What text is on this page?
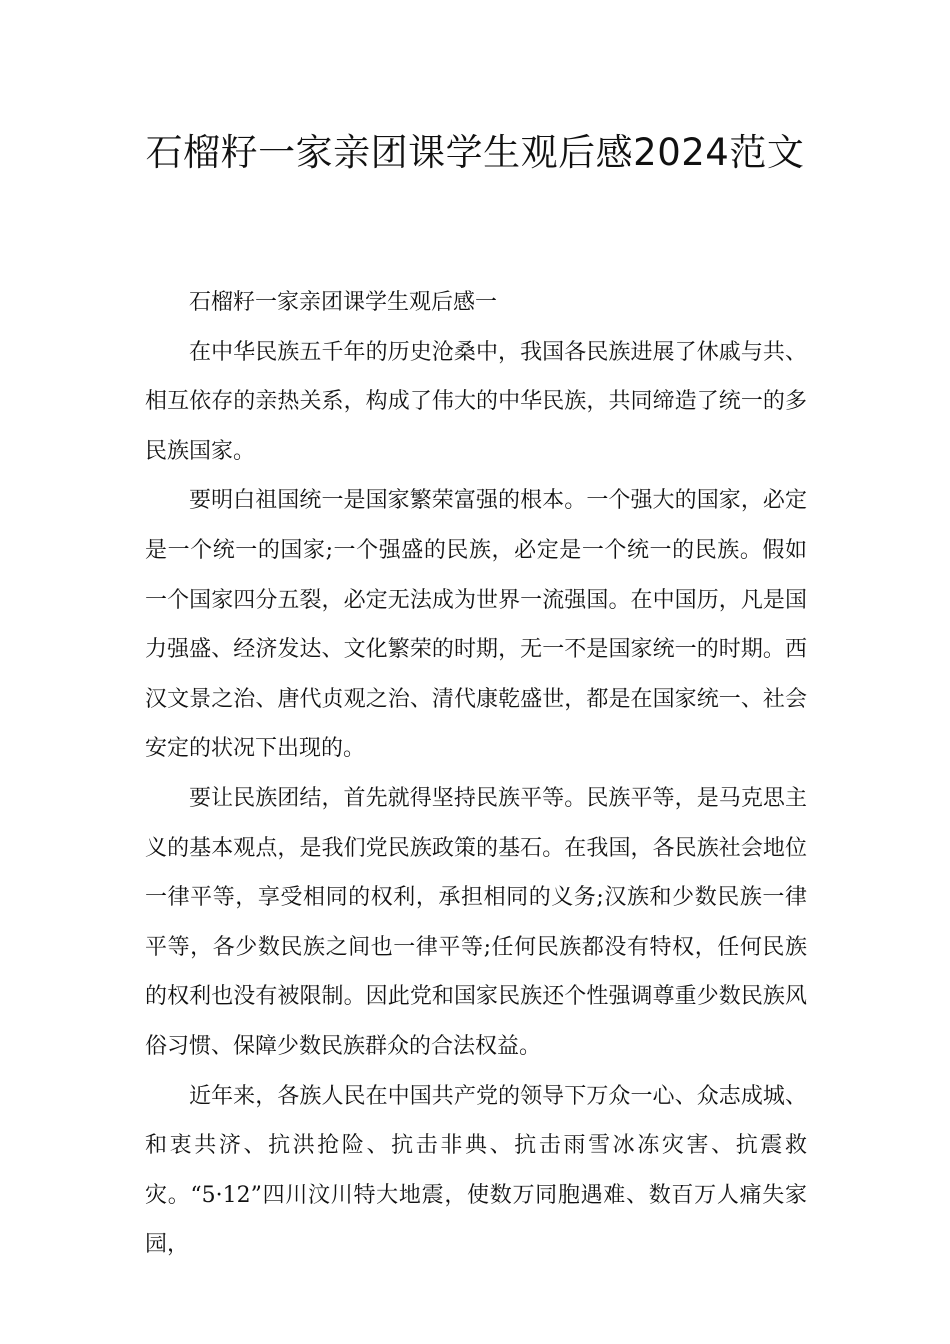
石榴籽一家亲团课学生观后感2024范文

石榴籽一家亲团课学生观后感一

在中华民族五千年的历史沧桑中，我国各民族进展了休戚与共、相互依存的亲热关系，构成了伟大的中华民族，共同缔造了统一的多民族国家。

要明白祖国统一是国家繁荣富强的根本。一个强大的国家，必定是一个统一的国家;一个强盛的民族，必定是一个统一的民族。假如一个国家四分五裂，必定无法成为世界一流强国。在中国历，凡是国力强盛、经济发达、文化繁荣的时期，无一不是国家统一的时期。西汉文景之治、唐代贞观之治、清代康乾盛世，都是在国家统一、社会安定的状况下出现的。

要让民族团结，首先就得坚持民族平等。民族平等，是马克思主义的基本观点，是我们党民族政策的基石。在我国，各民族社会地位一律平等，享受相同的权利，承担相同的义务;汉族和少数民族一律平等，各少数民族之间也一律平等;任何民族都没有特权，任何民族的权利也没有被限制。因此党和国家民族还个性强调尊重少数民族风俗习惯、保障少数民族群众的合法权益。

近年来，各族人民在中国共产党的领导下万众一心、众志成城、和衷共济、抗洪抢险、抗击非典、抗击雨雪冰冻灾害、抗震救灾。“5·12”四川汶川特大地震，使数万同胞遇难、数百万人痛失家园，
